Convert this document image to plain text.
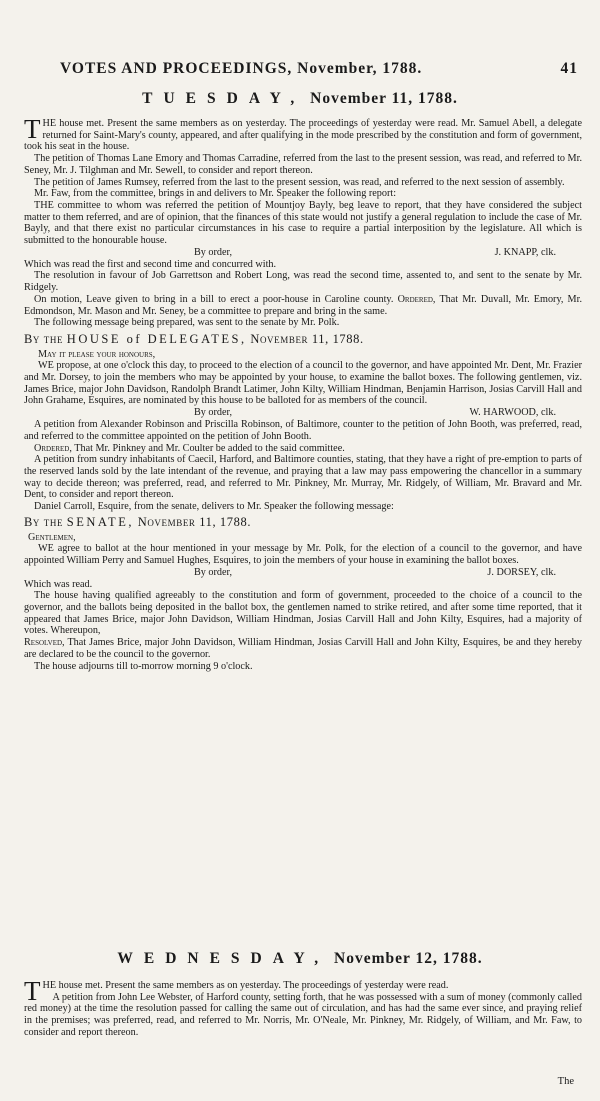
VOTES AND PROCEEDINGS, November, 1788.	41
TUESDAY, November 11, 1788.

THE house met. Present the same members as on yesterday. The proceedings of yesterday were read. Mr. Samuel Abell, a delegate returned for Saint-Mary's county, appeared, and after qualifying in the mode prescribed by the constitution and form of government, took his seat in the house.

The petition of Thomas Lane Emory and Thomas Carradine, referred from the last to the present session, was read, and referred to Mr. Seney, Mr. J. Tilghman and Mr. Sewell, to consider and report thereon.

The petition of James Rumsey, referred from the last to the present session, was read, and referred to the next session of assembly.

Mr. Faw, from the committee, brings in and delivers to Mr. Speaker the following report:

THE committee to whom was referred the petition of Mountjoy Bayly, beg leave to report, that they have considered the subject matter to them referred, and are of opinion, that the finances of this state would not justify a general regulation to include the case of Mr. Bayly, and that there exist no particular circumstances in his case to require a partial interposition by the legislature. All which is submitted to the honourable house.

By order,	J. KNAPP, clk.

Which was read the first and second time and concurred with.

The resolution in favour of Job Garrettson and Robert Long, was read the second time, assented to, and sent to the senate by Mr. Ridgely.

On motion, Leave given to bring in a bill to erect a poor-house in Caroline county. Ordered, That Mr. Duvall, Mr. Emory, Mr. Edmondson, Mr. Mason and Mr. Seney, be a committee to prepare and bring in the same.

The following message being prepared, was sent to the senate by Mr. Polk.

By the HOUSE of DELEGATES, November 11, 1788.

May it please your honours,

WE propose, at one o'clock this day, to proceed to the election of a council to the governor, and have appointed Mr. Dent, Mr. Frazier and Mr. Dorsey, to join the members who may be appointed by your house, to examine the ballot boxes. The following gentlemen, viz. James Brice, major John Davidson, Randolph Brandt Latimer, John Kilty, William Hindman, Benjamin Harrison, Josias Carvill Hall and John Grahame, Esquires, are nominated by this house to be balloted for as members of the council.

By order,	W. HARWOOD, clk.

A petition from Alexander Robinson and Priscilla Robinson, of Baltimore, counter to the petition of John Booth, was preferred, read, and referred to the committee appointed on the petition of John Booth.

Ordered, That Mr. Pinkney and Mr. Coulter be added to the said committee.

A petition from sundry inhabitants of Caecil, Harford, and Baltimore counties, stating, that they have a right of pre-emption to parts of the reserved lands sold by the late intendant of the revenue, and praying that a law may pass empowering the chancellor in a summary way to decide thereon; was preferred, read, and referred to Mr. Pinkney, Mr. Murray, Mr. Ridgely, of William, Mr. Bravard and Mr. Dent, to consider and report thereon.

Daniel Carroll, Esquire, from the senate, delivers to Mr. Speaker the following message:

By the SENATE, November 11, 1788.

Gentlemen,

WE agree to ballot at the hour mentioned in your message by Mr. Polk, for the election of a council to the governor, and have appointed William Perry and Samuel Hughes, Esquires, to join the members of your house in examining the ballot boxes.

By order,	J. DORSEY, clk.

Which was read.

The house having qualified agreeably to the constitution and form of government, proceeded to the choice of a council to the governor, and the ballots being deposited in the ballot box, the gentlemen named to strike retired, and after some time reported, that it appeared that James Brice, major John Davidson, William Hindman, Josias Carvill Hall and John Kilty, Esquires, had a majority of votes. Whereupon,

Resolved, That James Brice, major John Davidson, William Hindman, Josias Carvill Hall and John Kilty, Esquires, be and they hereby are declared to be the council to the governor.

The house adjourns till to-morrow morning 9 o'clock.

WEDNESDAY, November 12, 1788.

THE house met. Present the same members as on yesterday. The proceedings of yesterday were read.

A petition from John Lee Webster, of Harford county, setting forth, that he was possessed with a sum of money (commonly called red money) at the time the resolution passed for calling the same out of circulation, and has had the same ever since, and praying relief in the premises; was preferred, read, and referred to Mr. Norris, Mr. O'Neale, Mr. Pinkney, Mr. Ridgely, of William, and Mr. Faw, to consider and report thereon.

The
